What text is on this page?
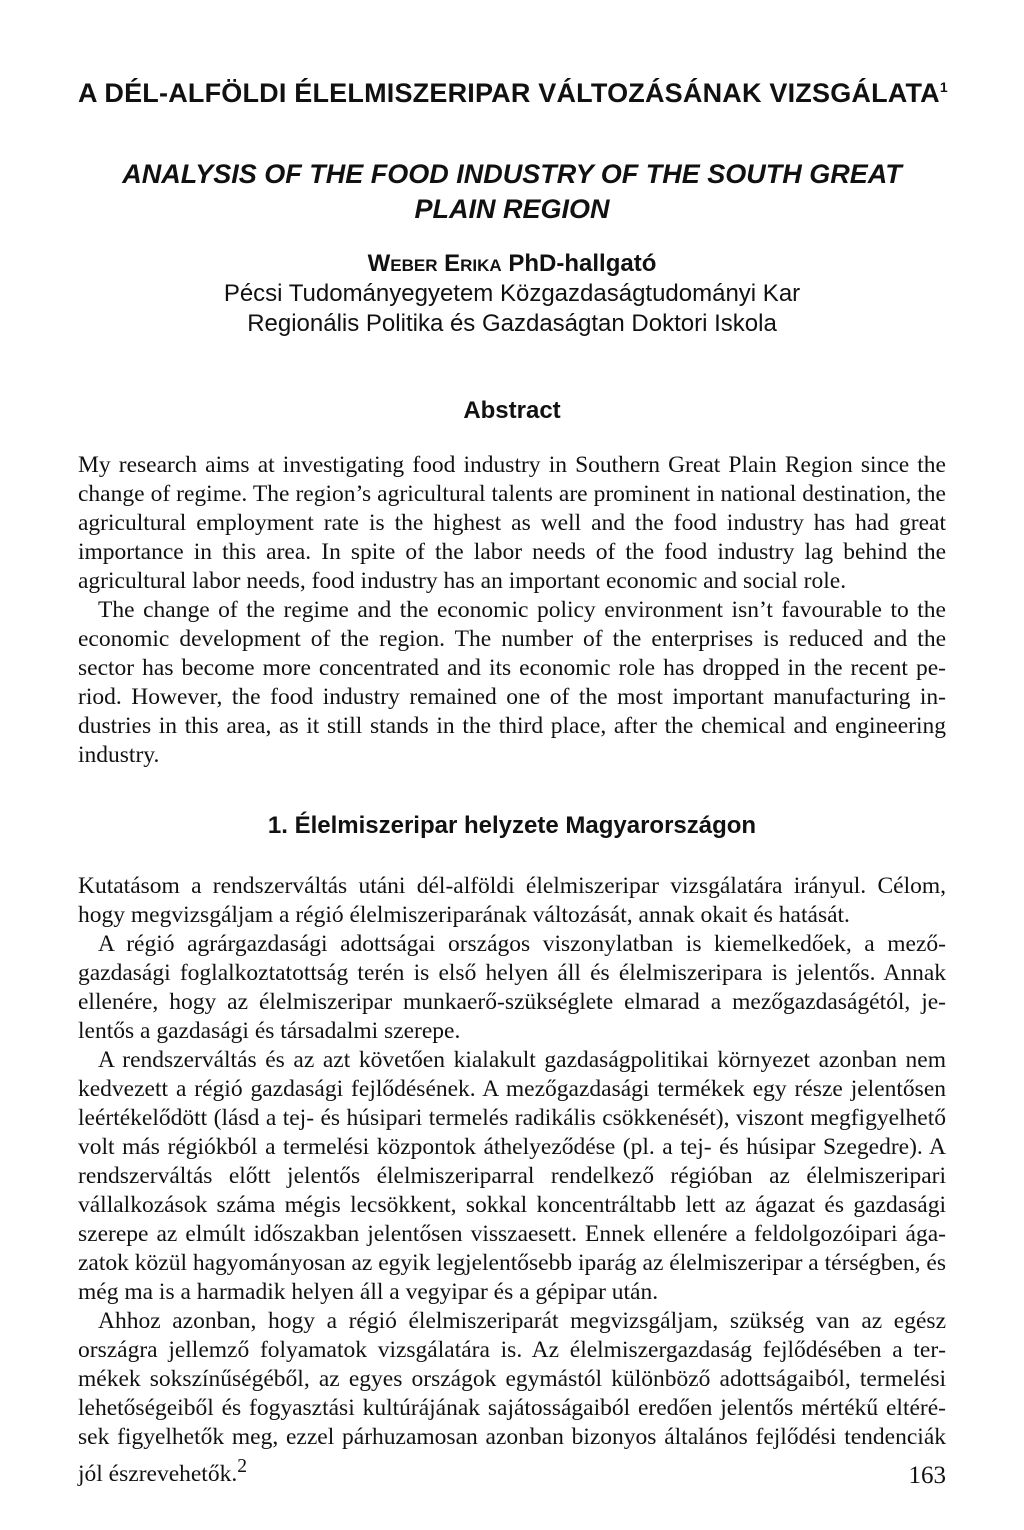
A DÉL-ALFÖLDI ÉLELMISZERIPAR VÁLTOZÁSÁNAK VIZSGÁLATA$^1$
ANALYSIS OF THE FOOD INDUSTRY OF THE SOUTH GREAT PLAIN REGION
Weber Erika PhD-hallgató
Pécsi Tudományegyetem Közgazdaságtudományi Kar
Regionális Politika és Gazdaságtan Doktori Iskola
Abstract

My research aims at investigating food industry in Southern Great Plain Region since the change of regime. The region’s agricultural talents are prominent in national destination, the agricultural employment rate is the highest as well and the food industry has had great importance in this area. In spite of the labor needs of the food industry lag behind the agricultural labor needs, food industry has an important economic and social role.

The change of the regime and the economic policy environment isn’t favourable to the economic development of the region. The number of the enterprises is reduced and the sector has become more concentrated and its economic role has dropped in the recent period. However, the food industry remained one of the most important manufacturing industries in this area, as it still stands in the third place, after the chemical and engineering industry.

1. Élelmiszeripar helyzete Magyarországon

Kutatásom a rendszerváltás utáni dél-alföldi élelmiszeripar vizsgálatára irányul. Célom, hogy megvizsgáljam a régió élelmiszeriparának változását, annak okait és hatását.

A régió agrárgazdasági adottságai országos viszonylatban is kiemelkedőek, a mezőgazdasági foglalkoztatottság terén is első helyen áll és élelmiszeripara is jelentős. Annak ellenére, hogy az élelmiszeripar munkaerő-szükséglete elmarad a mezőgazdaságétól, jelentős a gazdasági és társadalmi szerepe.

A rendszerváltás és az azt követően kialakult gazdaságpolitikai környezet azonban nem kedvezett a régió gazdasági fejlődésének. A mezőgazdasági termékek egy része jelentősen leértékelődött (lásd a tej- és húsipari termelés radikális csökkenését), viszont megfigyelhető volt más régiókból a termelési központok áthelyeződése (pl. a tej- és húsipar Szegedre). A rendszerváltás előtt jelentős élelmiszeriparral rendelkező régióban az élelmiszeripari vállalkozások száma mégis lecsökkent, sokkal koncentráltabb lett az ágazat és gazdasági szerepe az elmúlt időszakban jelentősen visszaesett. Ennek ellenére a feldolgozóipari ágazatok közül hagyományosan az egyik legjelentősebb iparág az élelmiszeripar a térségben, és még ma is a harmadik helyen áll a vegyipar és a gépipar után.

Ahhoz azonban, hogy a régió élelmiszeriparát megvizsgáljam, szükség van az egész országra jellemző folyamatok vizsgálatára is. Az élelmiszergazdaság fejlődésében a termékek sokszínűségéből, az egyes országok egymástól különböző adottságaiból, termelési lehetőségeiből és fogyasztási kultúrájának sajátosságaiból eredően jelentős mértékű eltérések figyelhetők meg, ezzel párhuzamosan azonban bizonyos általános fejlődési tendenciák jól észrevehetők.$^2$	163
